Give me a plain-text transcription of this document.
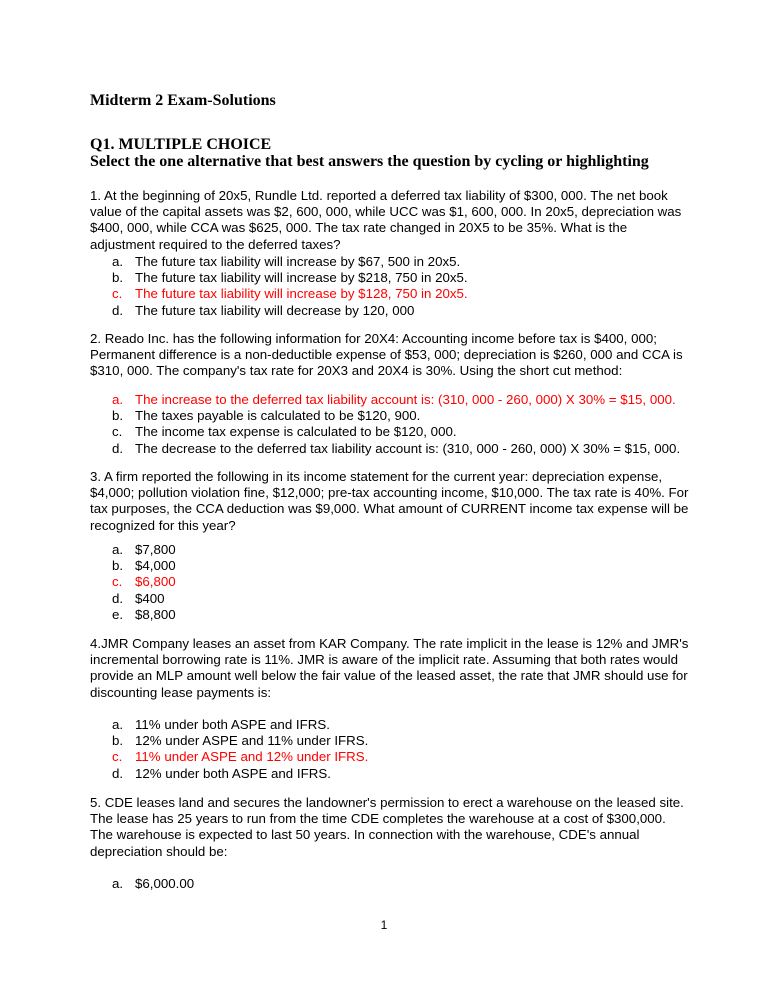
Midterm 2 Exam-Solutions
Q1. MULTIPLE CHOICE
Select the one alternative that best answers the question by cycling or highlighting
1. At the beginning of 20x5, Rundle Ltd. reported a deferred tax liability of $300, 000. The net book value of the capital assets was $2, 600, 000, while UCC was $1, 600, 000. In 20x5, depreciation was $400, 000, while CCA was $625, 000. The tax rate changed in 20X5 to be 35%. What is the adjustment required to the deferred taxes?
a. The future tax liability will increase by $67, 500 in 20x5.
b. The future tax liability will increase by $218, 750 in 20x5.
c. The future tax liability will increase by $128, 750 in 20x5.
d. The future tax liability will decrease by 120, 000
2. Reado Inc. has the following information for 20X4: Accounting income before tax is $400, 000; Permanent difference is a non-deductible expense of $53, 000; depreciation is $260, 000 and CCA is $310, 000. The company's tax rate for 20X3 and 20X4 is 30%. Using the short cut method:
a. The increase to the deferred tax liability account is: (310, 000 - 260, 000) X 30% = $15, 000.
b. The taxes payable is calculated to be $120, 900.
c. The income tax expense is calculated to be $120, 000.
d. The decrease to the deferred tax liability account is: (310, 000 - 260, 000) X 30% = $15, 000.
3. A firm reported the following in its income statement for the current year: depreciation expense, $4,000; pollution violation fine, $12,000; pre-tax accounting income, $10,000. The tax rate is 40%. For tax purposes, the CCA deduction was $9,000. What amount of CURRENT income tax expense will be recognized for this year?
a. $7,800
b. $4,000
c. $6,800
d. $400
e. $8,800
4.JMR Company leases an asset from KAR Company. The rate implicit in the lease is 12% and JMR's incremental borrowing rate is 11%. JMR is aware of the implicit rate. Assuming that both rates would provide an MLP amount well below the fair value of the leased asset, the rate that JMR should use for discounting lease payments is:
a. 11% under both ASPE and IFRS.
b. 12% under ASPE and 11% under IFRS.
c. 11% under ASPE and 12% under IFRS.
d. 12% under both ASPE and IFRS.
5. CDE leases land and secures the landowner's permission to erect a warehouse on the leased site. The lease has 25 years to run from the time CDE completes the warehouse at a cost of $300,000. The warehouse is expected to last 50 years. In connection with the warehouse, CDE's annual depreciation should be:
a. $6,000.00
1
